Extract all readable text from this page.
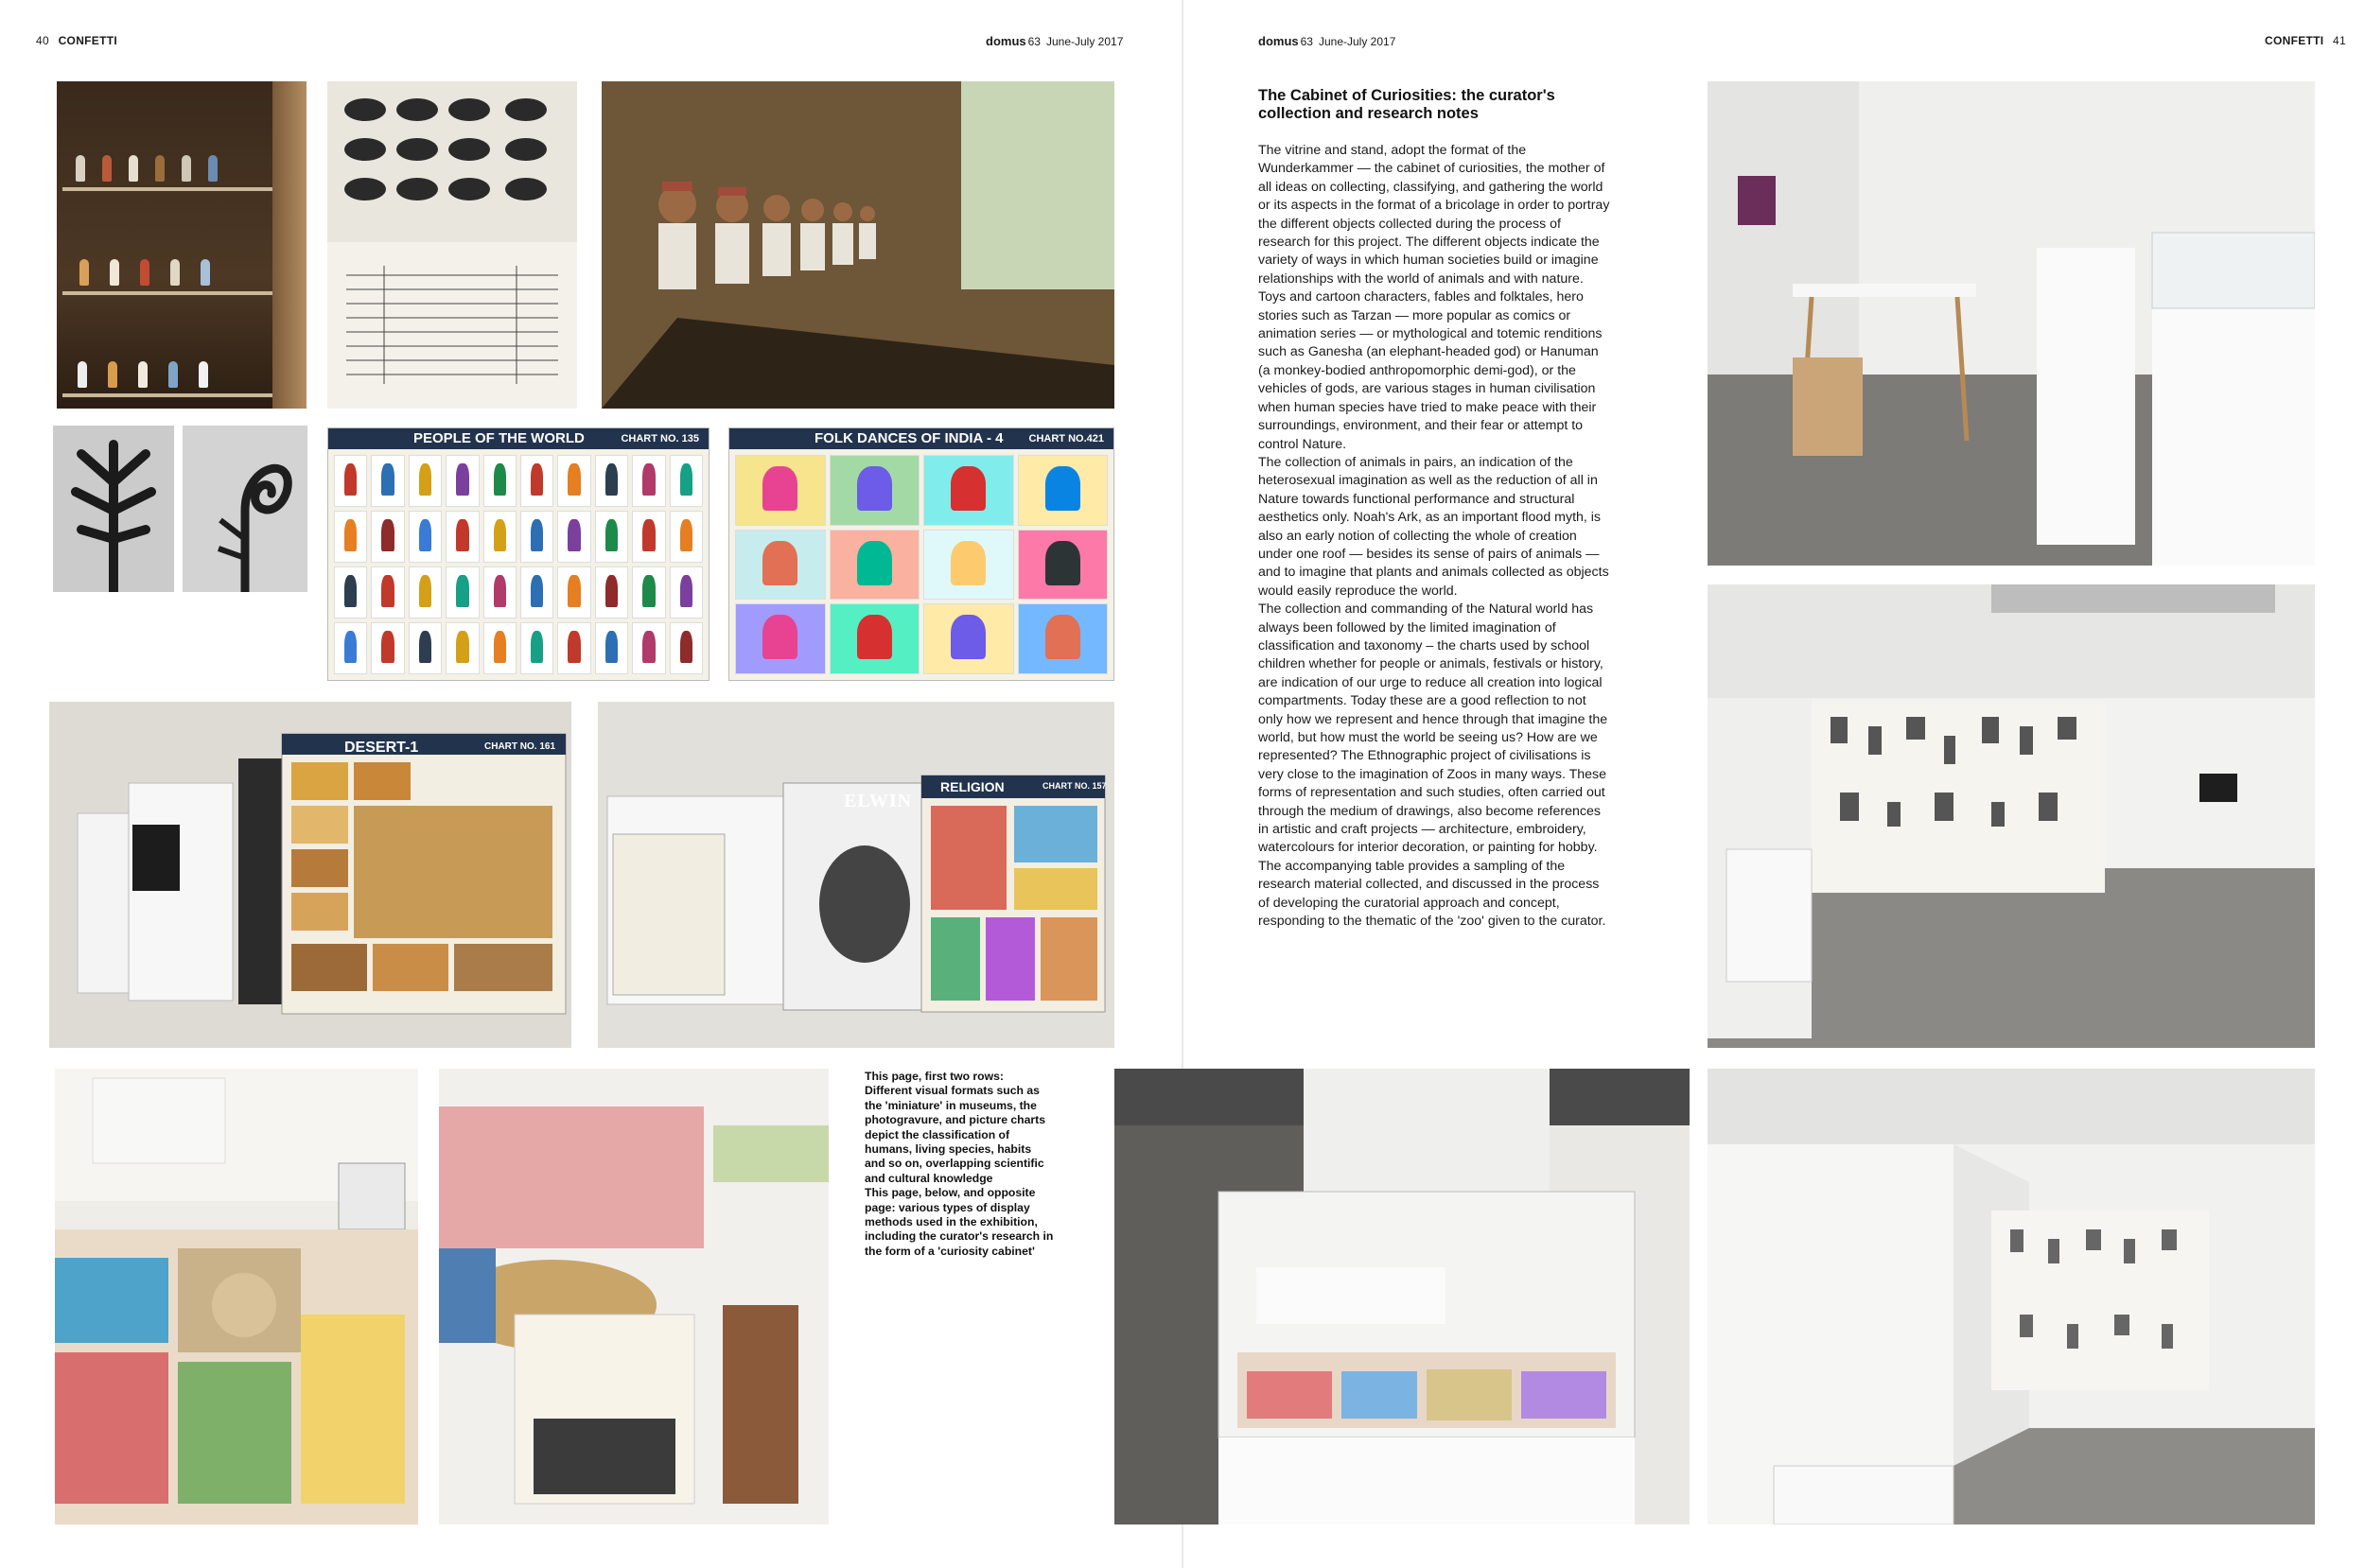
40 CONFETTI	domus 63 June-July 2017	domus 63 June-July 2017	CONFETTI 41
PEOPLE OF THE WORLD	CHART NO. 135	FOLK DANCES OF INDIA - 4 CHART NO.421
DESERT-1	CHART NO. 161
ELWIN
RELIGION	CHART NO. 157

This page, first two rows: Different visual formats such as the 'miniature' in museums, the photogravure, and picture charts depict the classification of humans, living species, habits and so on, overlapping scientific and cultural knowledge

This page, below, and opposite page: various types of display methods used in the exhibition, including the curator's research in the form of a 'curiosity cabinet'

The Cabinet of Curiosities: the curator's collection and research notes

The vitrine and stand, adopt the format of the Wunderkammer — the cabinet of curiosities, the mother of all ideas on collecting, classifying, and gathering the world or its aspects in the format of a bricolage in order to portray the different objects collected during the process of research for this project. The different objects indicate the variety of ways in which human societies build or imagine relationships with the world of animals and with nature. Toys and cartoon characters, fables and folktales, hero stories such as Tarzan — more popular as comics or animation series — or mythological and totemic renditions such as Ganesha (an elephant-headed god) or Hanuman (a monkey-bodied anthropomorphic demi-god), or the vehicles of gods, are various stages in human civilisation when human species have tried to make peace with their surroundings, environment, and their fear or attempt to control Nature.

The collection of animals in pairs, an indication of the heterosexual imagination as well as the reduction of all in Nature towards functional performance and structural aesthetics only. Noah's Ark, as an important flood myth, is also an early notion of collecting the whole of creation under one roof — besides its sense of pairs of animals — and to imagine that plants and animals collected as objects would easily reproduce the world.

The collection and commanding of the Natural world has always been followed by the limited imagination of classification and taxonomy – the charts used by school children whether for people or animals, festivals or history, are indication of our urge to reduce all creation into logical compartments. Today these are a good reflection to not only how we represent and hence through that imagine the world, but how must the world be seeing us? How are we represented? The Ethnographic project of civilisations is very close to the imagination of Zoos in many ways. These forms of representation and such studies, often carried out through the medium of drawings, also become references in artistic and craft projects — architecture, embroidery, watercolours for interior decoration, or painting for hobby.

The accompanying table provides a sampling of the research material collected, and discussed in the process of developing the curatorial approach and concept, responding to the thematic of the 'zoo' given to the curator.
